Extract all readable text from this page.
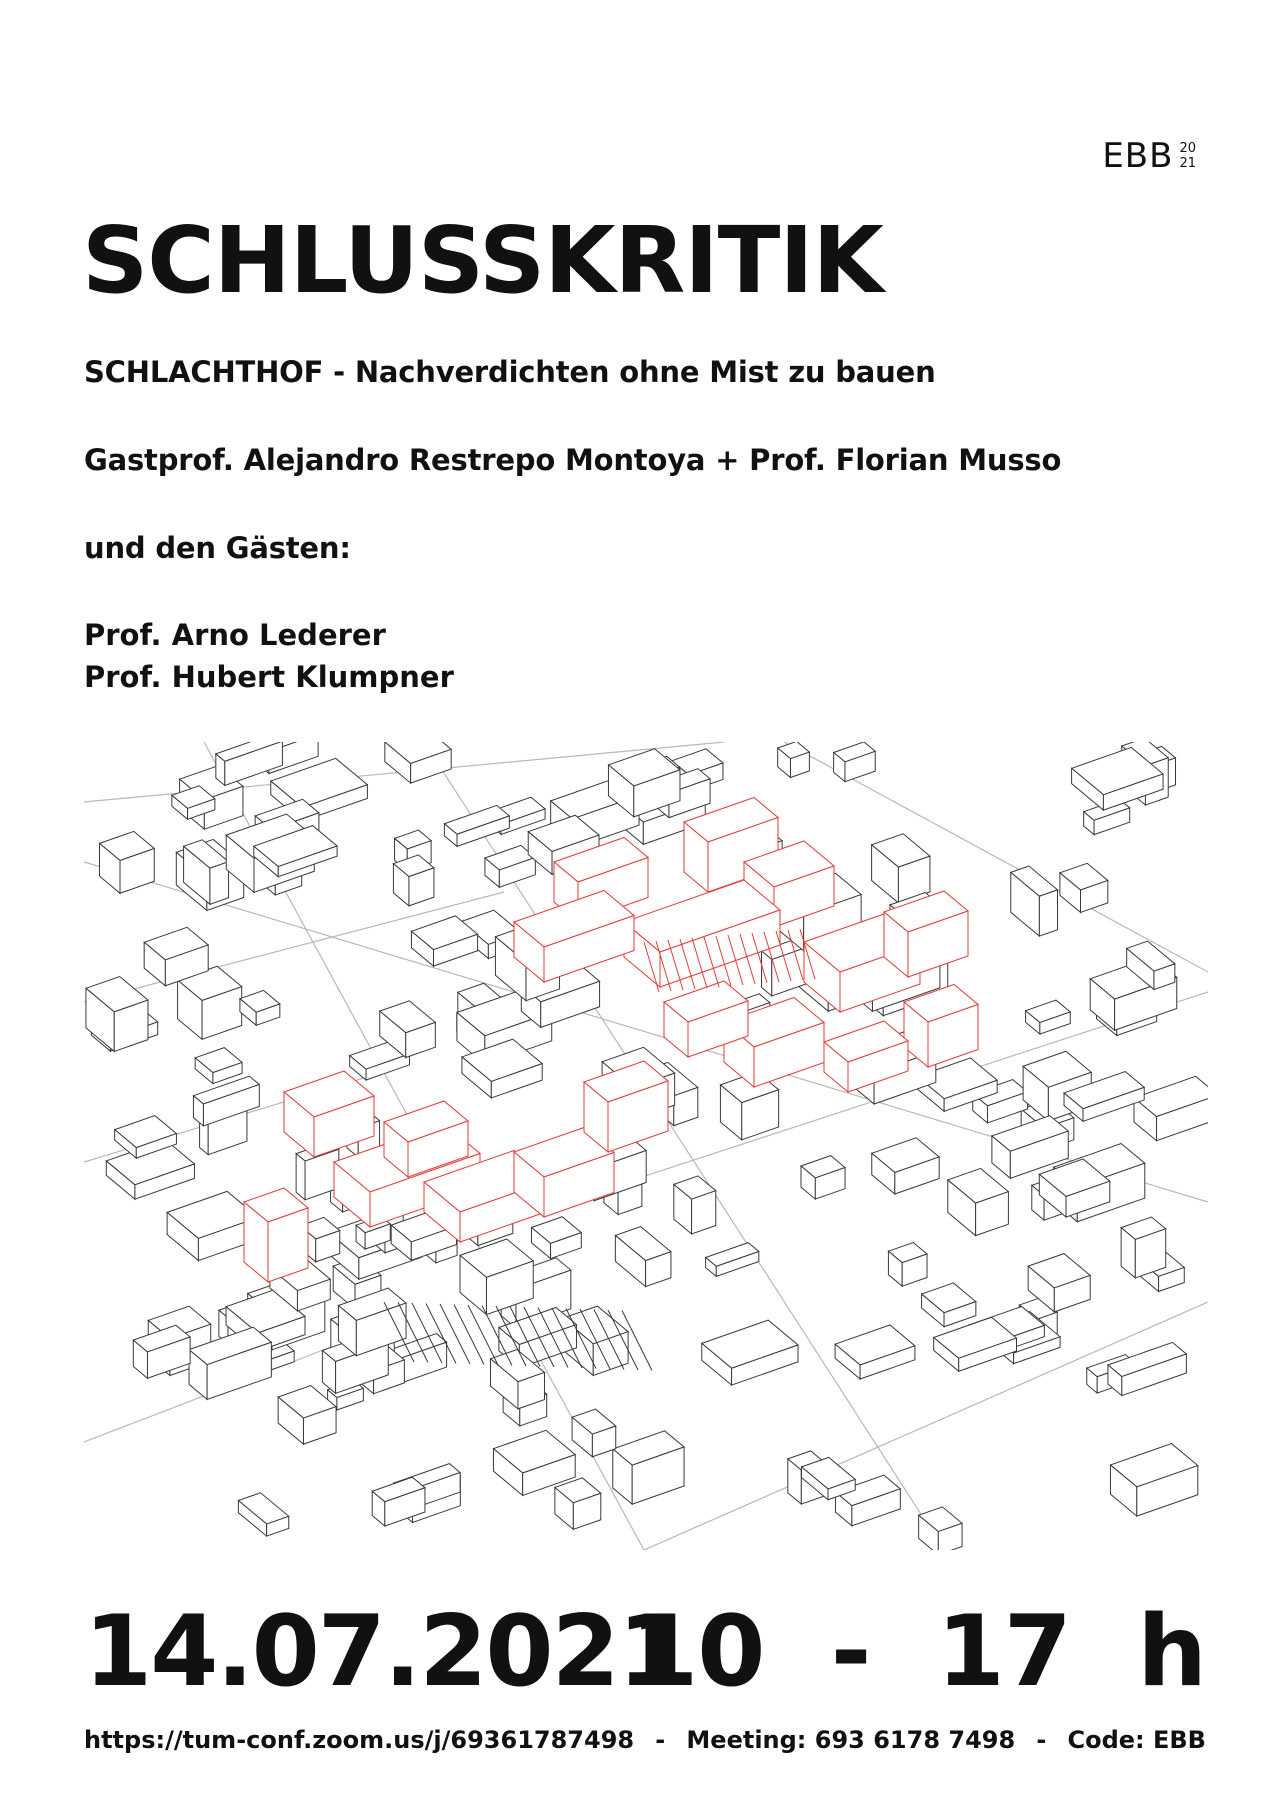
EBB 20
21
SCHLUSSKRITIK

SCHLACHTHOF - Nachverdichten ohne Mist zu bauen

Gastprof. Alejandro Restrepo Montoya + Prof. Florian Musso

und den Gästen:

Prof. Arno Lederer
Prof. Hubert Klumpner
14.07.2021
10  -  17  h
https://tum-conf.zoom.us/j/69361787498 - Meeting: 693 6178 7498 - Code: EBB
